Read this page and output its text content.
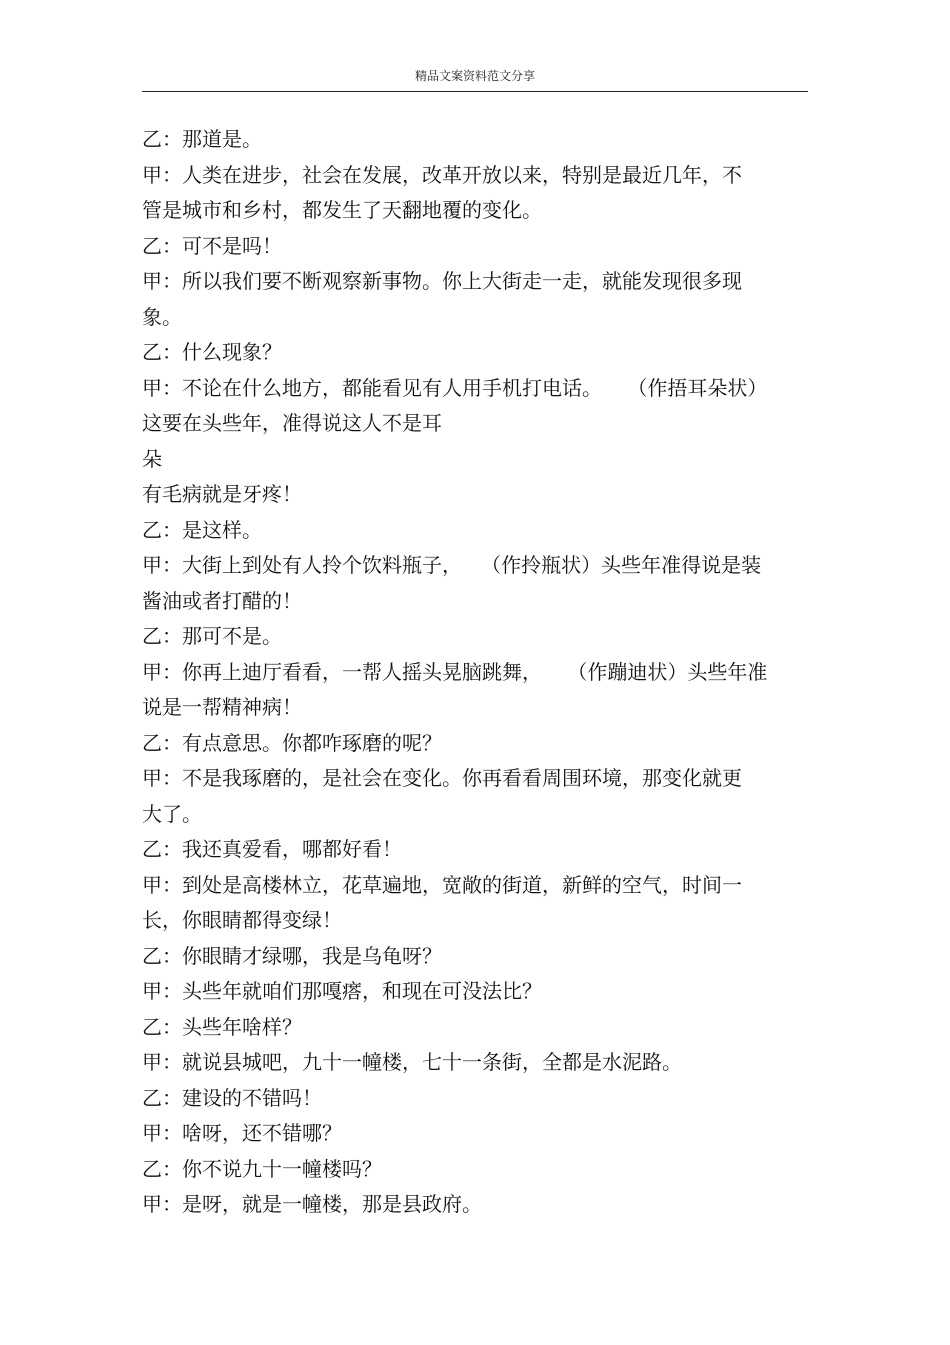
精品文案资料范文分享
乙：那道是。
甲：人类在进步，社会在发展，改革开放以来，特别是最近几年，不
管是城市和乡村，都发生了天翻地覆的变化。
乙：可不是吗！
甲：所以我们要不断观察新事物。你上大街走一走，就能发现很多现
象。
乙：什么现象？
甲：不论在什么地方，都能看见有人用手机打电话。    （作捂耳朵状）
这要在头些年，准得说这人不是耳
朵
有毛病就是牙疼！
乙：是这样。
甲：大街上到处有人拎个饮料瓶子，   （作拎瓶状）头些年准得说是装
酱油或者打醋的！
乙：那可不是。
甲：你再上迪厅看看，一帮人摇头晃脑跳舞，    （作蹦迪状）头些年准
说是一帮精神病！
乙：有点意思。你都咋琢磨的呢？
甲：不是我琢磨的，是社会在变化。你再看看周围环境，那变化就更
大了。
乙：我还真爱看，哪都好看！
甲：到处是高楼林立，花草遍地，宽敞的街道，新鲜的空气，时间一
长，你眼睛都得变绿！
乙：你眼睛才绿哪，我是乌龟呀？
甲：头些年就咱们那嘎瘩，和现在可没法比？
乙：头些年啥样？
甲：就说县城吧，九十一幢楼，七十一条街，全都是水泥路。
乙：建设的不错吗！
甲：啥呀，还不错哪？
乙：你不说九十一幢楼吗？
甲：是呀，就是一幢楼，那是县政府。
